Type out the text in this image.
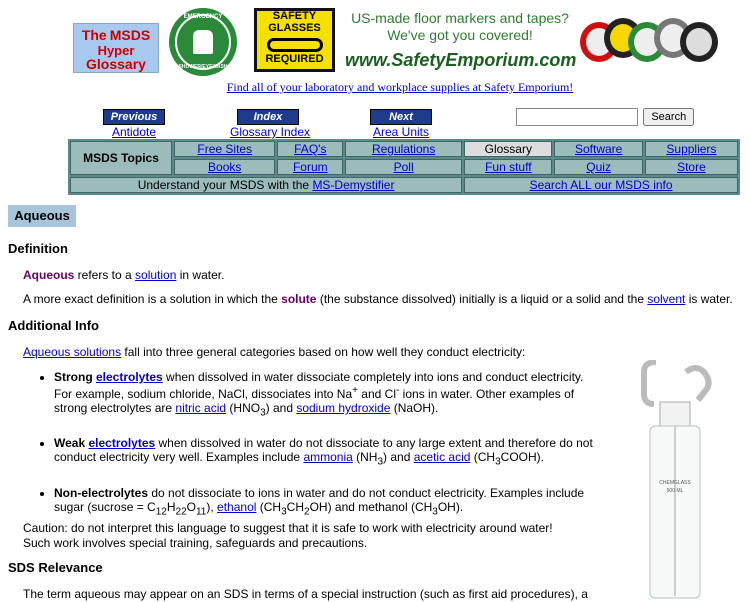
The MSDS
Hyper
Glossary
EMERGENCY
SHOWER/EYEWASH
SAFETY GLASSES
REQUIRED
US-made floor markers and tapes?
We've got you covered!
www.SafetyEmporium.com
Find all of your laboratory and workplace supplies at Safety Emporium!
Previous
Antidote
Index
Glossary Index
Next
Area Units
Search
MSDS Topics	Free Sites	FAQ's	Regulations	Glossary	Software	Suppliers
	Books	Forum	Poll	Fun stuff	Quiz	Store
Understand your MSDS with the MS-Demystifier				Search ALL our MSDS info		
Aqueous
Definition
Aqueous refers to a solution in water.
A more exact definition is a solution in which the solute (the substance dissolved) initially is a liquid or a solid and the solvent is water.
Additional Info
Aqueous solutions fall into three general categories based on how well they conduct electricity:
• Strong electrolytes when dissolved in water dissociate completely into ions and conduct electricity. For example, sodium chloride, NaCl, dissociates into Na+ and Cl- ions in water. Other examples of strong electrolytes are nitric acid $(HNO_3)$ and sodium hydroxide (NaOH).
• Weak electrolytes when dissolved in water do not dissociate to any large extent and therefore do not conduct electricity very well. Examples include ammonia $(NH_3)$ and acetic acid $(CH_3COOH)$.
• Non-electrolytes do not dissociate to ions in water and do not conduct electricity. Examples include sugar (sucrose = $C_{12}H_{22}O_{11}$), ethanol $(CH_3CH_2OH)$ and methanol $(CH_3OH)$.
Caution: do not interpret this language to suggest that it is safe to work with electricity around water! Such work involves special training, safeguards and precautions.
SDS Relevance
The term aqueous may appear on an SDS in terms of a special instruction (such as first aid procedures), a
CHEMGLASS
500 ML
